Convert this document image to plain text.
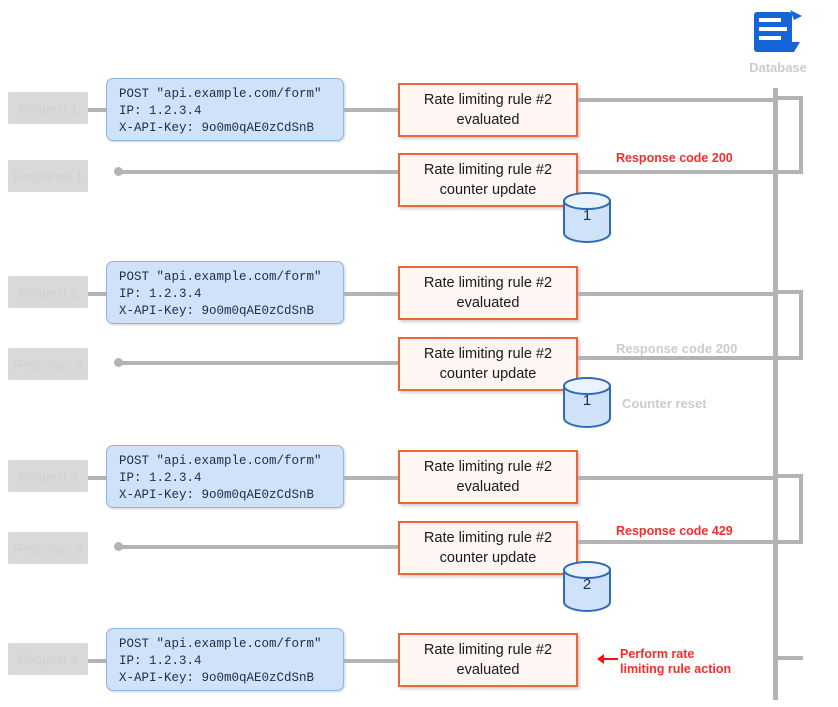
Database
Request 1
POST "api.example.com/form"
IP: 1.2.3.4
X-API-Key: 9o0m0qAE0zCdSnB
Rate limiting rule #2
evaluated
Response 1	Rate limiting rule #2
counter update
1
Response code 200
Request 2
POST "api.example.com/form"
IP: 1.2.3.4
X-API-Key: 9o0m0qAE0zCdSnB
Rate limiting rule #2
evaluated
Response 2
Rate limiting rule #2
counter update
1
Response code 200
Counter reset
Request 3
POST "api.example.com/form"
IP: 1.2.3.4
X-API-Key: 9o0m0qAE0zCdSnB
Rate limiting rule #2
evaluated
Response 3
Rate limiting rule #2
counter update
2
Response code 429
Request 4
POST "api.example.com/form"
IP: 1.2.3.4
X-API-Key: 9o0m0qAE0zCdSnB
Rate limiting rule #2
evaluated
Perform rate
limiting rule action
